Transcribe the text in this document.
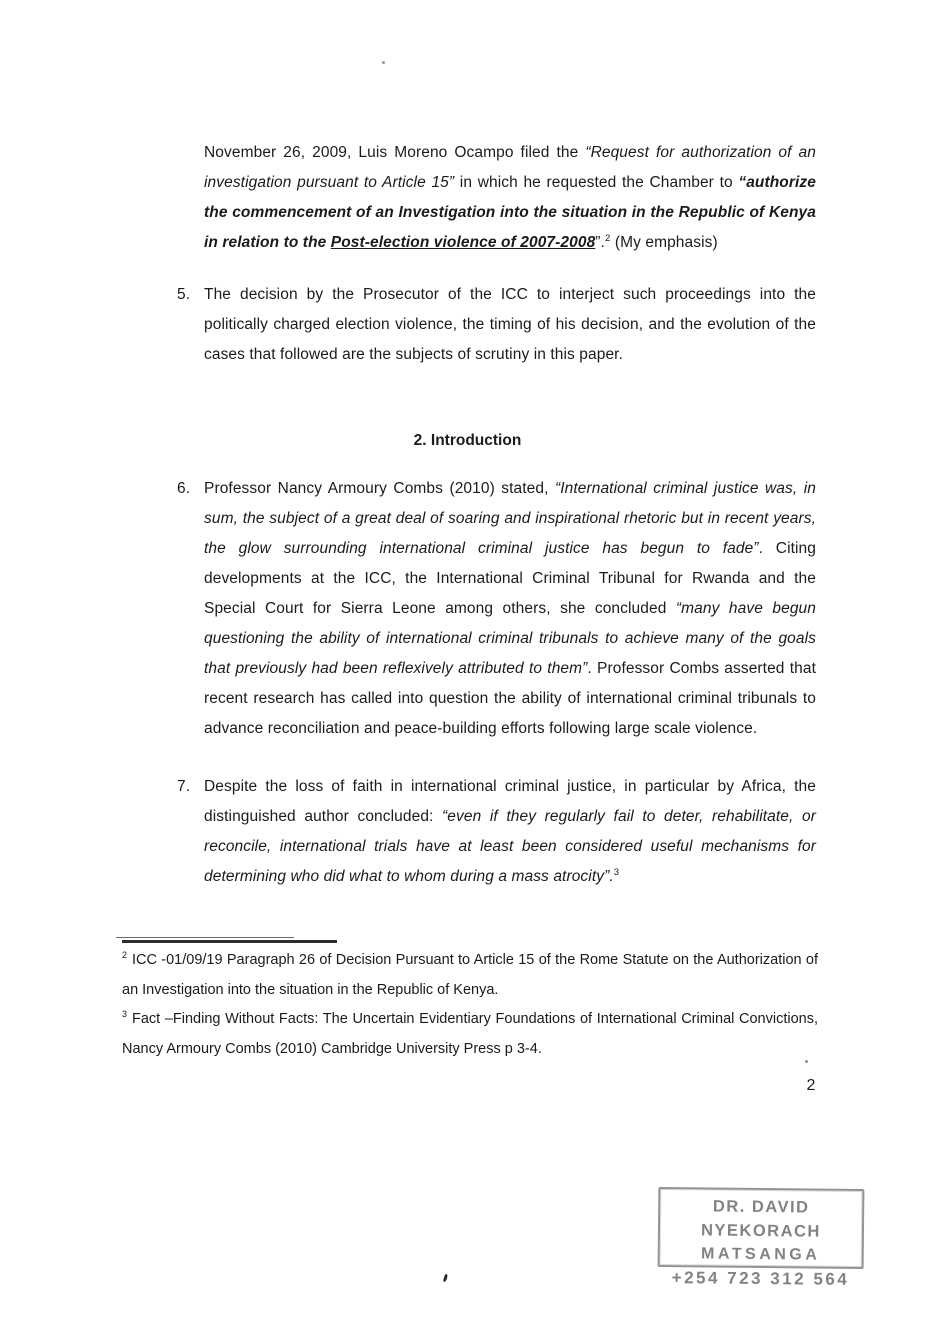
November 26, 2009, Luis Moreno Ocampo filed the “Request for authorization of an investigation pursuant to Article 15” in which he requested the Chamber to “authorize the commencement of an Investigation into the situation in the Republic of Kenya in relation to the Post-election violence of 2007-2008”.$^2$ (My emphasis)
5. The decision by the Prosecutor of the ICC to interject such proceedings into the politically charged election violence, the timing of his decision, and the evolution of the cases that followed are the subjects of scrutiny in this paper.
2. Introduction
6. Professor Nancy Armoury Combs (2010) stated, “International criminal justice was, in sum, the subject of a great deal of soaring and inspirational rhetoric but in recent years, the glow surrounding international criminal justice has begun to fade”. Citing developments at the ICC, the International Criminal Tribunal for Rwanda and the Special Court for Sierra Leone among others, she concluded “many have begun questioning the ability of international criminal tribunals to achieve many of the goals that previously had been reflexively attributed to them”. Professor Combs asserted that recent research has called into question the ability of international criminal tribunals to advance reconciliation and peace-building efforts following large scale violence.
7. Despite the loss of faith in international criminal justice, in particular by Africa, the distinguished author concluded: “even if they regularly fail to deter, rehabilitate, or reconcile, international trials have at least been considered useful mechanisms for determining who did what to whom during a mass atrocity”.$^3$
$^2$ ICC -01/09/19 Paragraph 26 of Decision Pursuant to Article 15 of the Rome Statute on the Authorization of an Investigation into the situation in the Republic of Kenya.
$^3$ Fact –Finding Without Facts: The Uncertain Evidentiary Foundations of International Criminal Convictions, Nancy Armoury Combs (2010) Cambridge University Press p 3-4.
2
DR. DAVID NYEKORACH
MATSANGA
+254 723 312 564
